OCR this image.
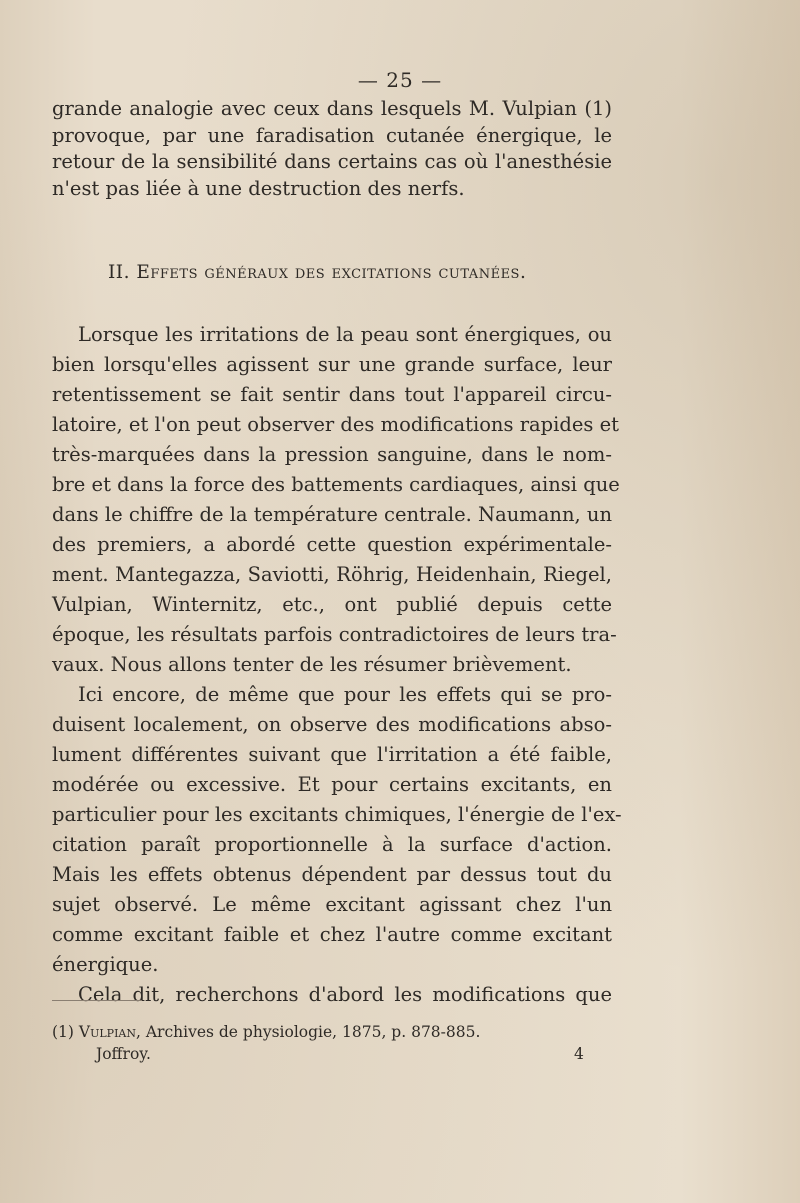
— 25 —
grande analogie avec ceux dans lesquels M. Vulpian (1)
provoque, par une faradisation cutanée énergique, le
retour de la sensibilité dans certains cas où l'anesthésie
n'est pas liée à une destruction des nerfs.
II. Effets généraux des excitations cutanées.
Lorsque les irritations de la peau sont énergiques, ou
bien lorsqu'elles agissent sur une grande surface, leur
retentissement se fait sentir dans tout l'appareil circu-
latoire, et l'on peut observer des modifications rapides et
très-marquées dans la pression sanguine, dans le nom-
bre et dans la force des battements cardiaques, ainsi que
dans le chiffre de la température centrale. Naumann, un
des premiers, a abordé cette question expérimentale-
ment. Mantegazza, Saviotti, Röhrig, Heidenhain, Riegel,
Vulpian, Winternitz, etc., ont publié depuis cette
époque, les résultats parfois contradictoires de leurs tra-
vaux. Nous allons tenter de les résumer brièvement.
Ici encore, de même que pour les effets qui se pro-
duisent localement, on observe des modifications abso-
lument différentes suivant que l'irritation a été faible,
modérée ou excessive. Et pour certains excitants, en
particulier pour les excitants chimiques, l'énergie de l'ex-
citation paraît proportionnelle à la surface d'action.
Mais les effets obtenus dépendent par dessus tout du
sujet observé. Le même excitant agissant chez l'un
comme excitant faible et chez l'autre comme excitant
énergique.
Cela dit, recherchons d'abord les modifications que
(1) Vulpian, Archives de physiologie, 1875, p. 878-885.
Joffroy.	4
